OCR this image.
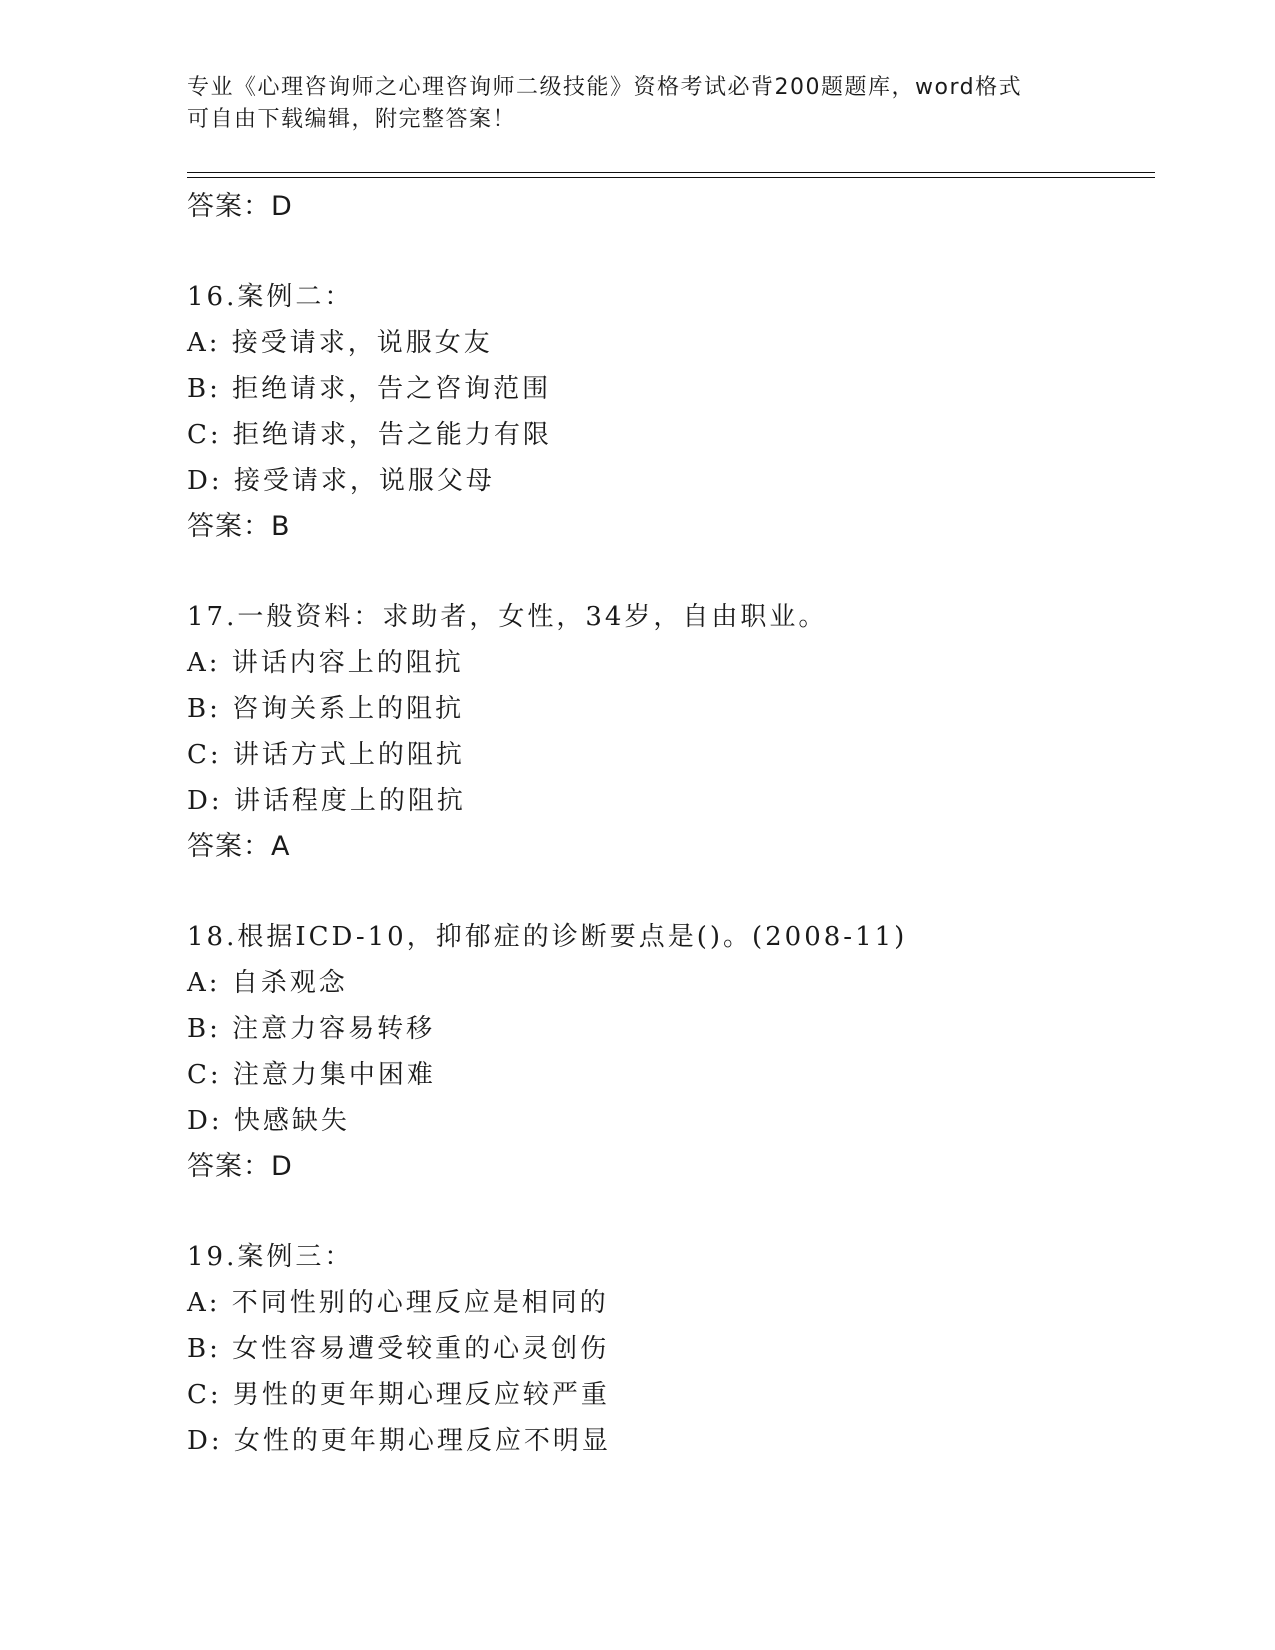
专业《心理咨询师之心理咨询师二级技能》资格考试必背200题题库，word格式
可自由下载编辑，附完整答案！
答案：D
16.案例二：
A: 接受请求，说服女友
B: 拒绝请求，告之咨询范围
C: 拒绝请求，告之能力有限
D: 接受请求，说服父母
答案：B
17.一般资料：求助者，女性，34岁，自由职业。
A: 讲话内容上的阻抗
B: 咨询关系上的阻抗
C: 讲话方式上的阻抗
D: 讲话程度上的阻抗
答案：A
18.根据ICD-10，抑郁症的诊断要点是()。(2008-11)
A: 自杀观念
B: 注意力容易转移
C: 注意力集中困难
D: 快感缺失
答案：D
19.案例三：
A: 不同性别的心理反应是相同的
B: 女性容易遭受较重的心灵创伤
C: 男性的更年期心理反应较严重
D: 女性的更年期心理反应不明显
